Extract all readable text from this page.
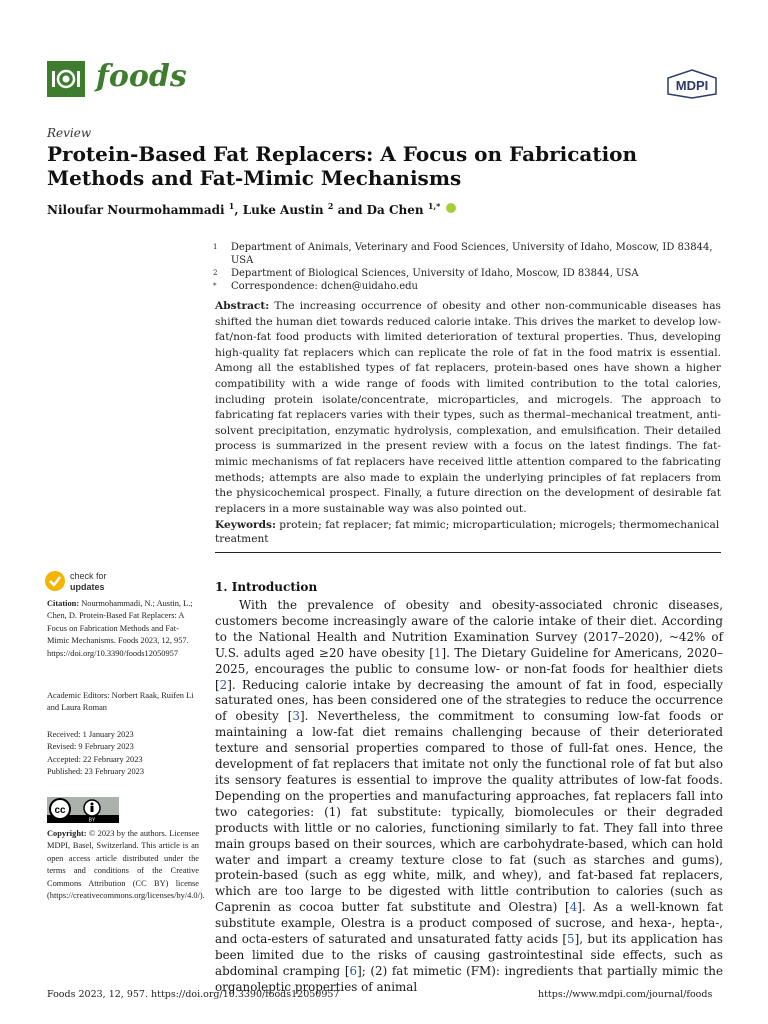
foods	MDPI
Review
Protein-Based Fat Replacers: A Focus on Fabrication Methods and Fat-Mimic Mechanisms
Niloufar Nourmohammadi $^1$, Luke Austin $^2$ and Da Chen $^{1,*}$
1	Department of Animals, Veterinary and Food Sciences, University of Idaho, Moscow, ID 83844, USA
2	Department of Biological Sciences, University of Idaho, Moscow, ID 83844, USA
*	Correspondence: dchen@uidaho.edu
Abstract: The increasing occurrence of obesity and other non-communicable diseases has shifted the human diet towards reduced calorie intake. This drives the market to develop low-fat/non-fat food products with limited deterioration of textural properties. Thus, developing high-quality fat replacers which can replicate the role of fat in the food matrix is essential. Among all the established types of fat replacers, protein-based ones have shown a higher compatibility with a wide range of foods with limited contribution to the total calories, including protein isolate/concentrate, microparticles, and microgels. The approach to fabricating fat replacers varies with their types, such as thermal–mechanical treatment, anti-solvent precipitation, enzymatic hydrolysis, complexation, and emulsification. Their detailed process is summarized in the present review with a focus on the latest findings. The fat-mimic mechanisms of fat replacers have received little attention compared to the fabricating methods; attempts are also made to explain the underlying principles of fat replacers from the physicochemical prospect. Finally, a future direction on the development of desirable fat replacers in a more sustainable way was also pointed out.
Keywords: protein; fat replacer; fat mimic; microparticulation; microgels; thermomechanical treatment
check for
updates
Citation: Nourmohammadi, N.; Austin, L.; Chen, D. Protein-Based Fat Replacers: A Focus on Fabrication Methods and Fat-Mimic Mechanisms. Foods 2023, 12, 957. https://doi.org/10.3390/foods12050957
Academic Editors: Norbert Raak, Ruifen Li and Laura Roman
Received: 1 January 2023
Revised: 9 February 2023
Accepted: 22 February 2023
Published: 23 February 2023
cc
BY
Copyright: © 2023 by the authors. Licensee MDPI, Basel, Switzerland. This article is an open access article distributed under the terms and conditions of the Creative Commons Attribution (CC BY) license (https://creativecommons.org/licenses/by/4.0/).
1. Introduction

With the prevalence of obesity and obesity-associated chronic diseases, customers become increasingly aware of the calorie intake of their diet. According to the National Health and Nutrition Examination Survey (2017–2020), ~42% of U.S. adults aged ≥20 have obesity [1]. The Dietary Guideline for Americans, 2020–2025, encourages the public to consume low- or non-fat foods for healthier diets [2]. Reducing calorie intake by decreasing the amount of fat in food, especially saturated ones, has been considered one of the strategies to reduce the occurrence of obesity [3]. Nevertheless, the commitment to consuming low-fat foods or maintaining a low-fat diet remains challenging because of their deteriorated texture and sensorial properties compared to those of full-fat ones. Hence, the development of fat replacers that imitate not only the functional role of fat but also its sensory features is essential to improve the quality attributes of low-fat foods. Depending on the properties and manufacturing approaches, fat replacers fall into two categories: (1) fat substitute: typically, biomolecules or their degraded products with little or no calories, functioning similarly to fat. They fall into three main groups based on their sources, which are carbohydrate-based, which can hold water and impart a creamy texture close to fat (such as starches and gums), protein-based (such as egg white, milk, and whey), and fat-based fat replacers, which are too large to be digested with little contribution to calories (such as Caprenin as cocoa butter fat substitute and Olestra) [4]. As a well-known fat substitute example, Olestra is a product composed of sucrose, and hexa-, hepta-, and octa-esters of saturated and unsaturated fatty acids [5], but its application has been limited due to the risks of causing gastrointestinal side effects, such as abdominal cramping [6]; (2) fat mimetic (FM): ingredients that partially mimic the organoleptic properties of animal

Foods 2023, 12, 957. https://doi.org/10.3390/foods12050957	https://www.mdpi.com/journal/foods
